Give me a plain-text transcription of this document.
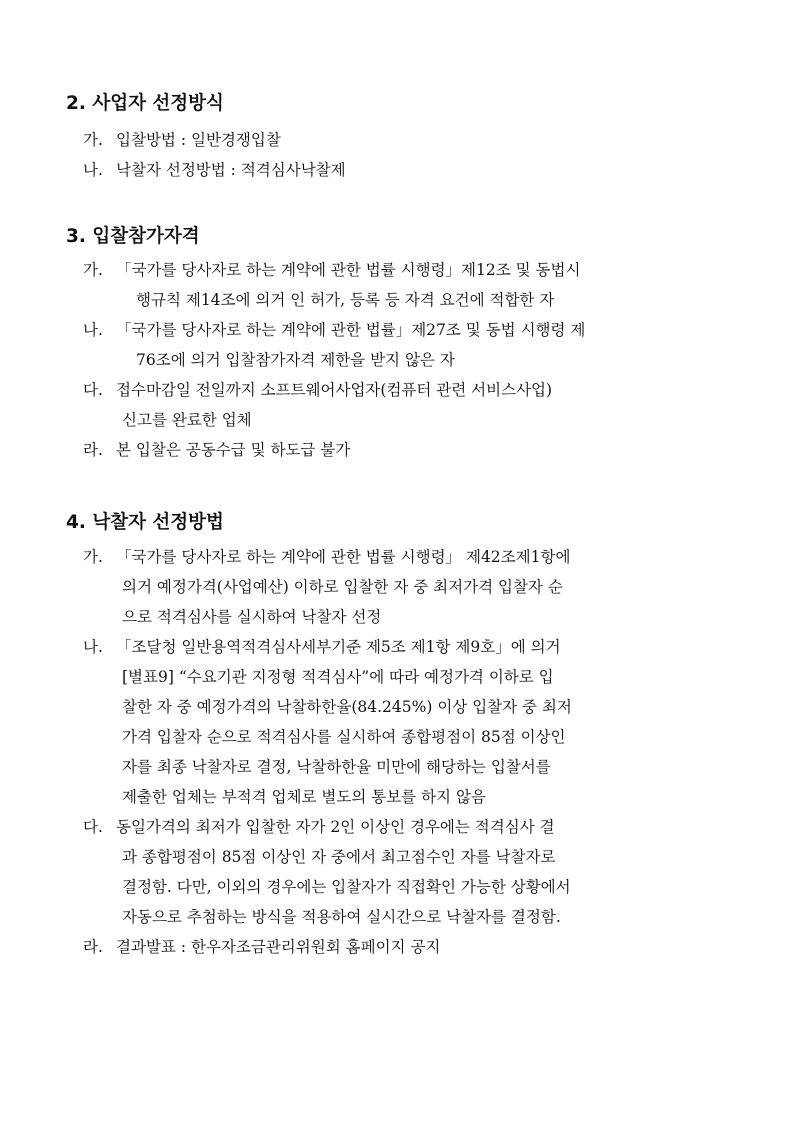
2. 사업자 선정방식
가. 입찰방법 : 일반경쟁입찰
나. 낙찰자 선정방법 : 적격심사낙찰제
3. 입찰참가자격
가. 「국가를 당사자로 하는 계약에 관한 법률 시행령」제12조 및 동법시
행규칙 제14조에 의거 인 허가, 등록 등 자격 요건에 적합한 자
나. 「국가를 당사자로 하는 계약에 관한 법률」제27조 및 동법 시행령 제
76조에 의거 입찰참가자격 제한을 받지 않은 자
다. 접수마감일 전일까지 소프트웨어사업자(컴퓨터 관련 서비스사업)
신고를 완료한 업체
라. 본 입찰은 공동수급 및 하도급 불가
4. 낙찰자 선정방법
가. 「국가를 당사자로 하는 계약에 관한 법률 시행령」 제42조제1항에
의거 예정가격(사업예산) 이하로 입찰한 자 중 최저가격 입찰자 순
으로 적격심사를 실시하여 낙찰자 선정
나. 「조달청 일반용역적격심사세부기준 제5조 제1항 제9호」에 의거
[별표9] “수요기관 지정형 적격심사”에 따라 예정가격 이하로 입
찰한 자 중 예정가격의 낙찰하한율(84.245%) 이상 입찰자 중 최저
가격 입찰자 순으로 적격심사를 실시하여 종합평점이 85점 이상인
자를 최종 낙찰자로 결정, 낙찰하한율 미만에 해당하는 입찰서를
제출한 업체는 부적격 업체로 별도의 통보를 하지 않음
다. 동일가격의 최저가 입찰한 자가 2인 이상인 경우에는 적격심사 결
과 종합평점이 85점 이상인 자 중에서 최고점수인 자를 낙찰자로
결정함. 다만, 이외의 경우에는 입찰자가 직접확인 가능한 상황에서
자동으로 추첨하는 방식을 적용하여 실시간으로 낙찰자를 결정함.
라. 결과발표 : 한우자조금관리위원회 홈페이지 공지
